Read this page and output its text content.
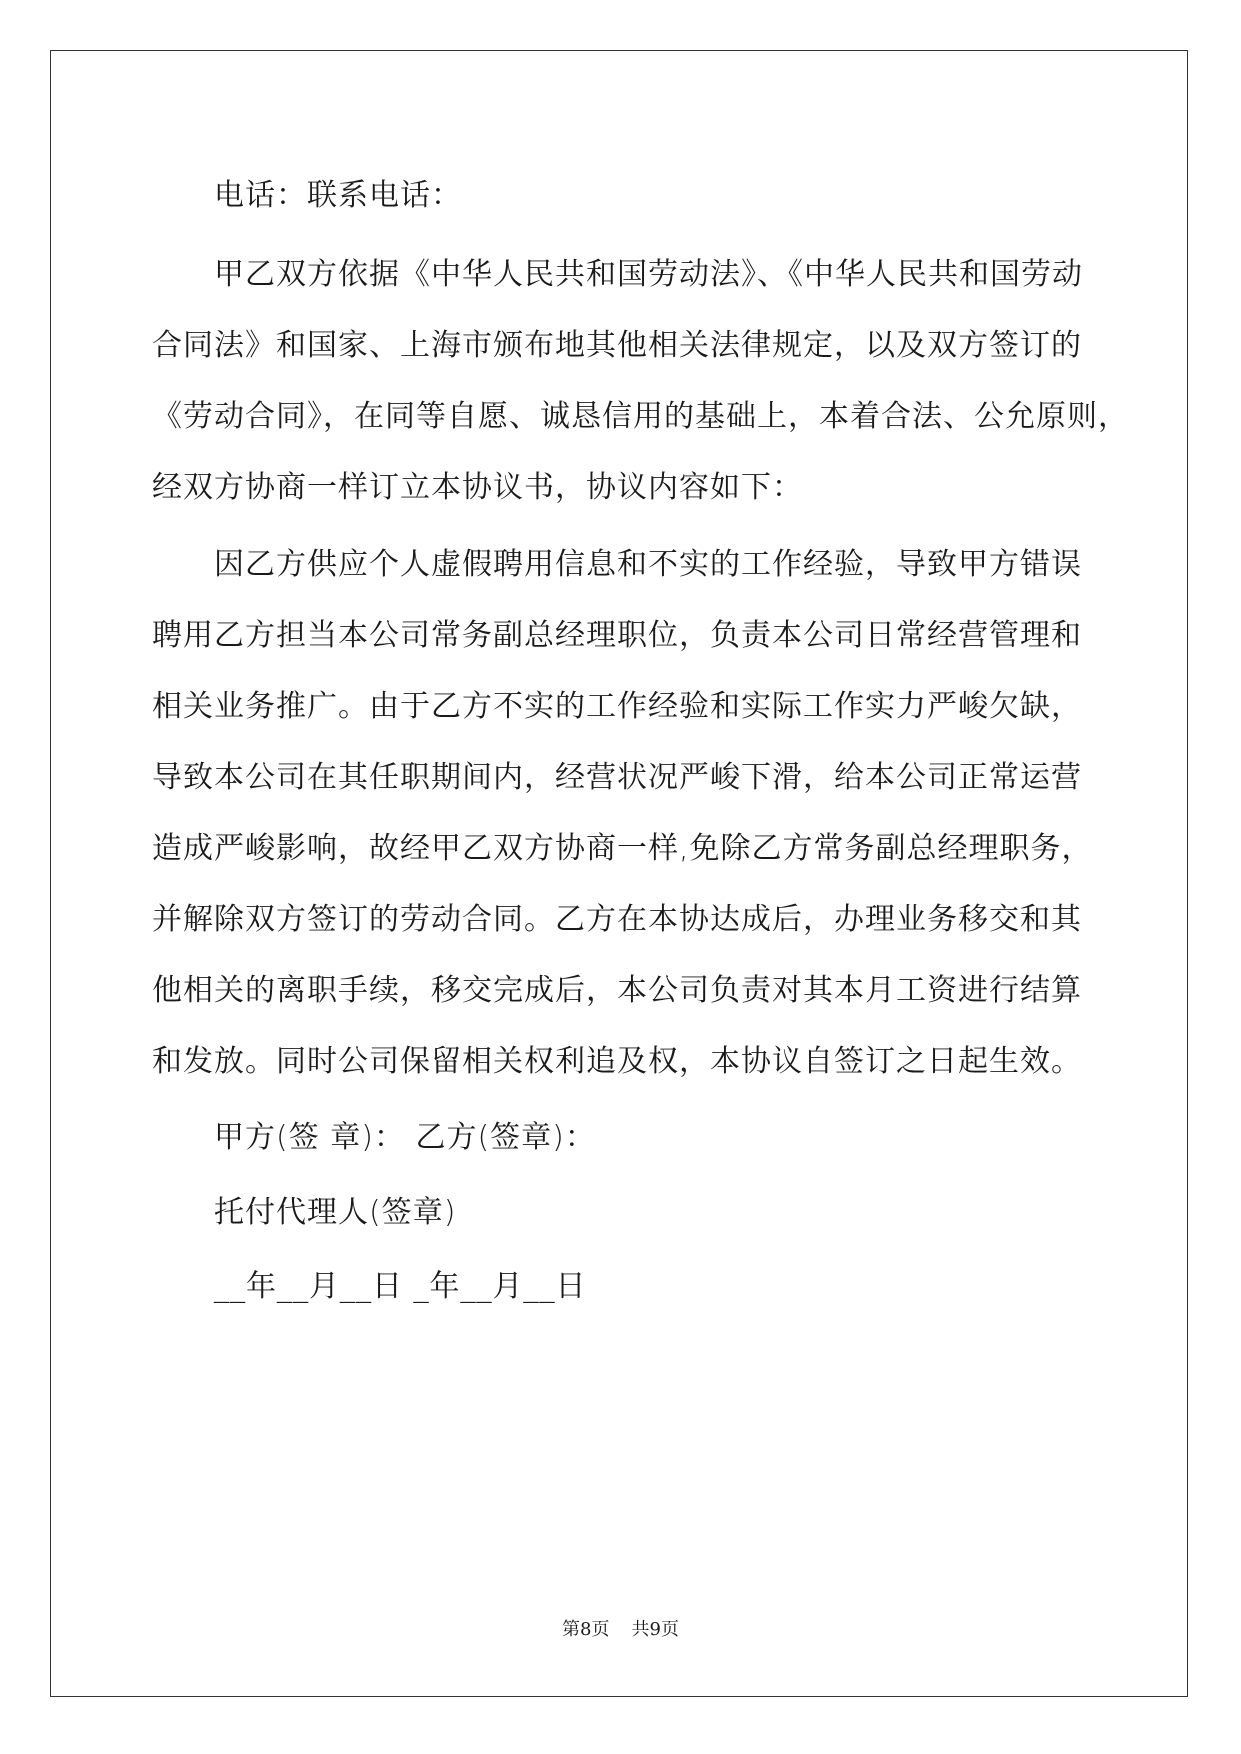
电话：联系电话：
甲乙双方依据《中华人民共和国劳动法》、《中华人民共和国劳动
合同法》和国家、上海市颁布地其他相关法律规定，以及双方签订的
《劳动合同》，在同等自愿、诚恳信用的基础上，本着合法、公允原则，
经双方协商一样订立本协议书，协议内容如下：
因乙方供应个人虚假聘用信息和不实的工作经验，导致甲方错误
聘用乙方担当本公司常务副总经理职位，负责本公司日常经营管理和
相关业务推广。由于乙方不实的工作经验和实际工作实力严峻欠缺，
导致本公司在其任职期间内，经营状况严峻下滑，给本公司正常运营
造成严峻影响，故经甲乙双方协商一样,免除乙方常务副总经理职务，
并解除双方签订的劳动合同。乙方在本协达成后，办理业务移交和其
他相关的离职手续，移交完成后，本公司负责对其本月工资进行结算
和发放。同时公司保留相关权利追及权，本协议自签订之日起生效。
甲方(签 章)： 乙方(签章)：
托付代理人(签章)
__年__月__日 _年__月__日
第8页 共9页
